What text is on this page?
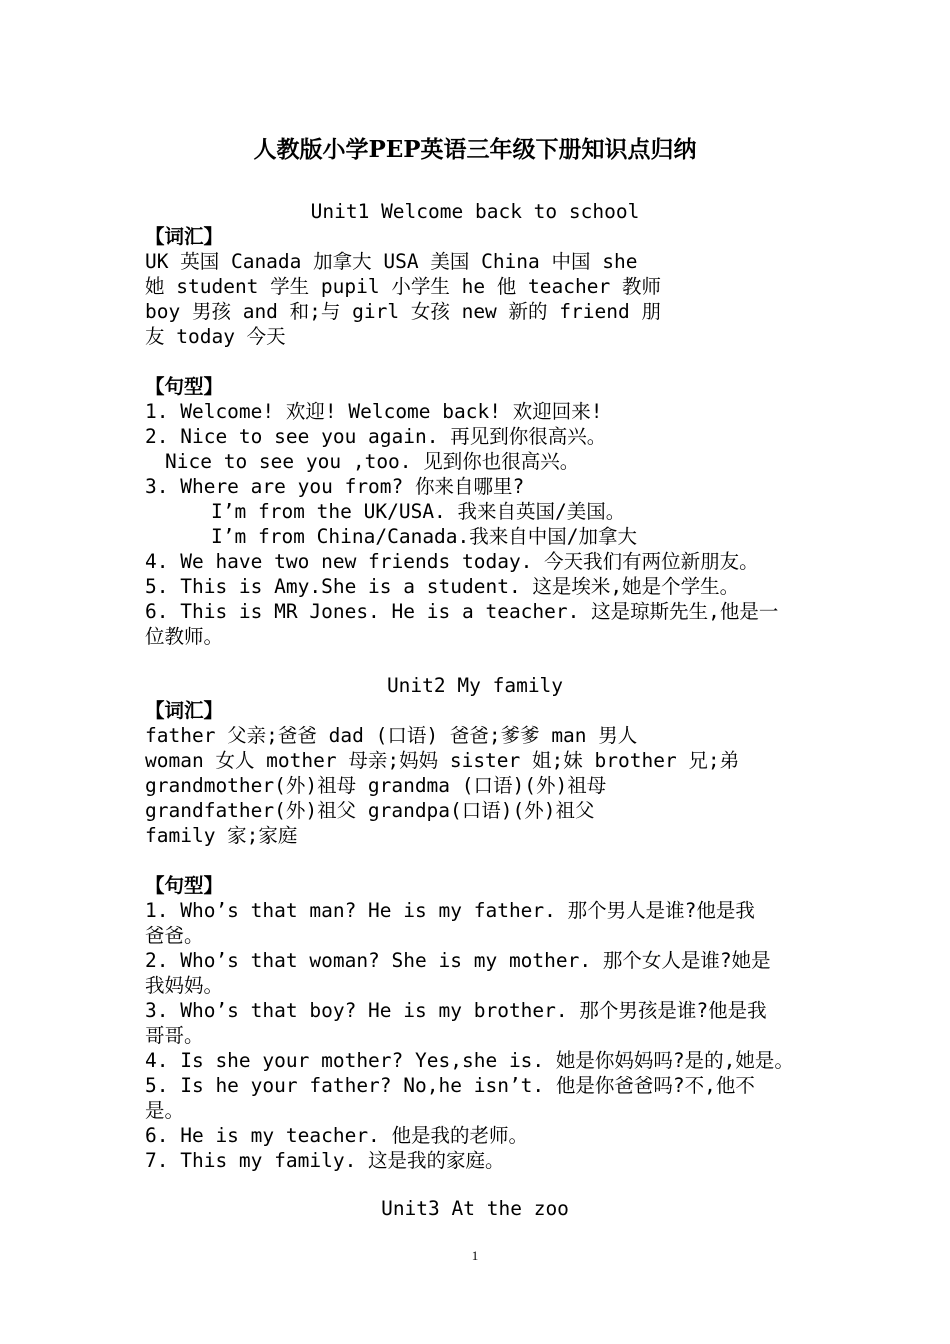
人教版小学PEP英语三年级下册知识点归纳
Unit1 Welcome back to school
【词汇】
UK 英国 Canada 加拿大 USA 美国 China 中国 she
她 student 学生 pupil 小学生 he 他 teacher 教师
boy 男孩 and 和;与 girl 女孩 new 新的 friend 朋
友 today 今天
【句型】
1. Welcome! 欢迎! Welcome back! 欢迎回来!
2. Nice to see you again. 再见到你很高兴。
Nice to see you ,too. 见到你也很高兴。
3. Where are you from? 你来自哪里?
I’m from the UK/USA. 我来自英国/美国。
I’m from China/Canada.我来自中国/加拿大
4. We have two new friends today. 今天我们有两位新朋友。
5. This is Amy.She is a student. 这是埃米,她是个学生。
6. This is MR Jones. He is a teacher. 这是琼斯先生,他是一
位教师。
Unit2 My family
【词汇】
father 父亲;爸爸 dad (口语) 爸爸;爹爹 man 男人
woman 女人 mother 母亲;妈妈 sister 姐;妹 brother 兄;弟
grandmother(外)祖母 grandma (口语)(外)祖母
grandfather(外)祖父 grandpa(口语)(外)祖父
family 家;家庭
【句型】
1. Who’s that man? He is my father. 那个男人是谁?他是我
爸爸。
2. Who’s that woman? She is my mother. 那个女人是谁?她是
我妈妈。
3. Who’s that boy? He is my brother. 那个男孩是谁?他是我
哥哥。
4. Is she your mother? Yes,she is. 她是你妈妈吗?是的,她是。
5. Is he your father? No,he isn’t. 他是你爸爸吗?不,他不
是。
6. He is my teacher. 他是我的老师。
7. This my family. 这是我的家庭。
Unit3 At the zoo
1
